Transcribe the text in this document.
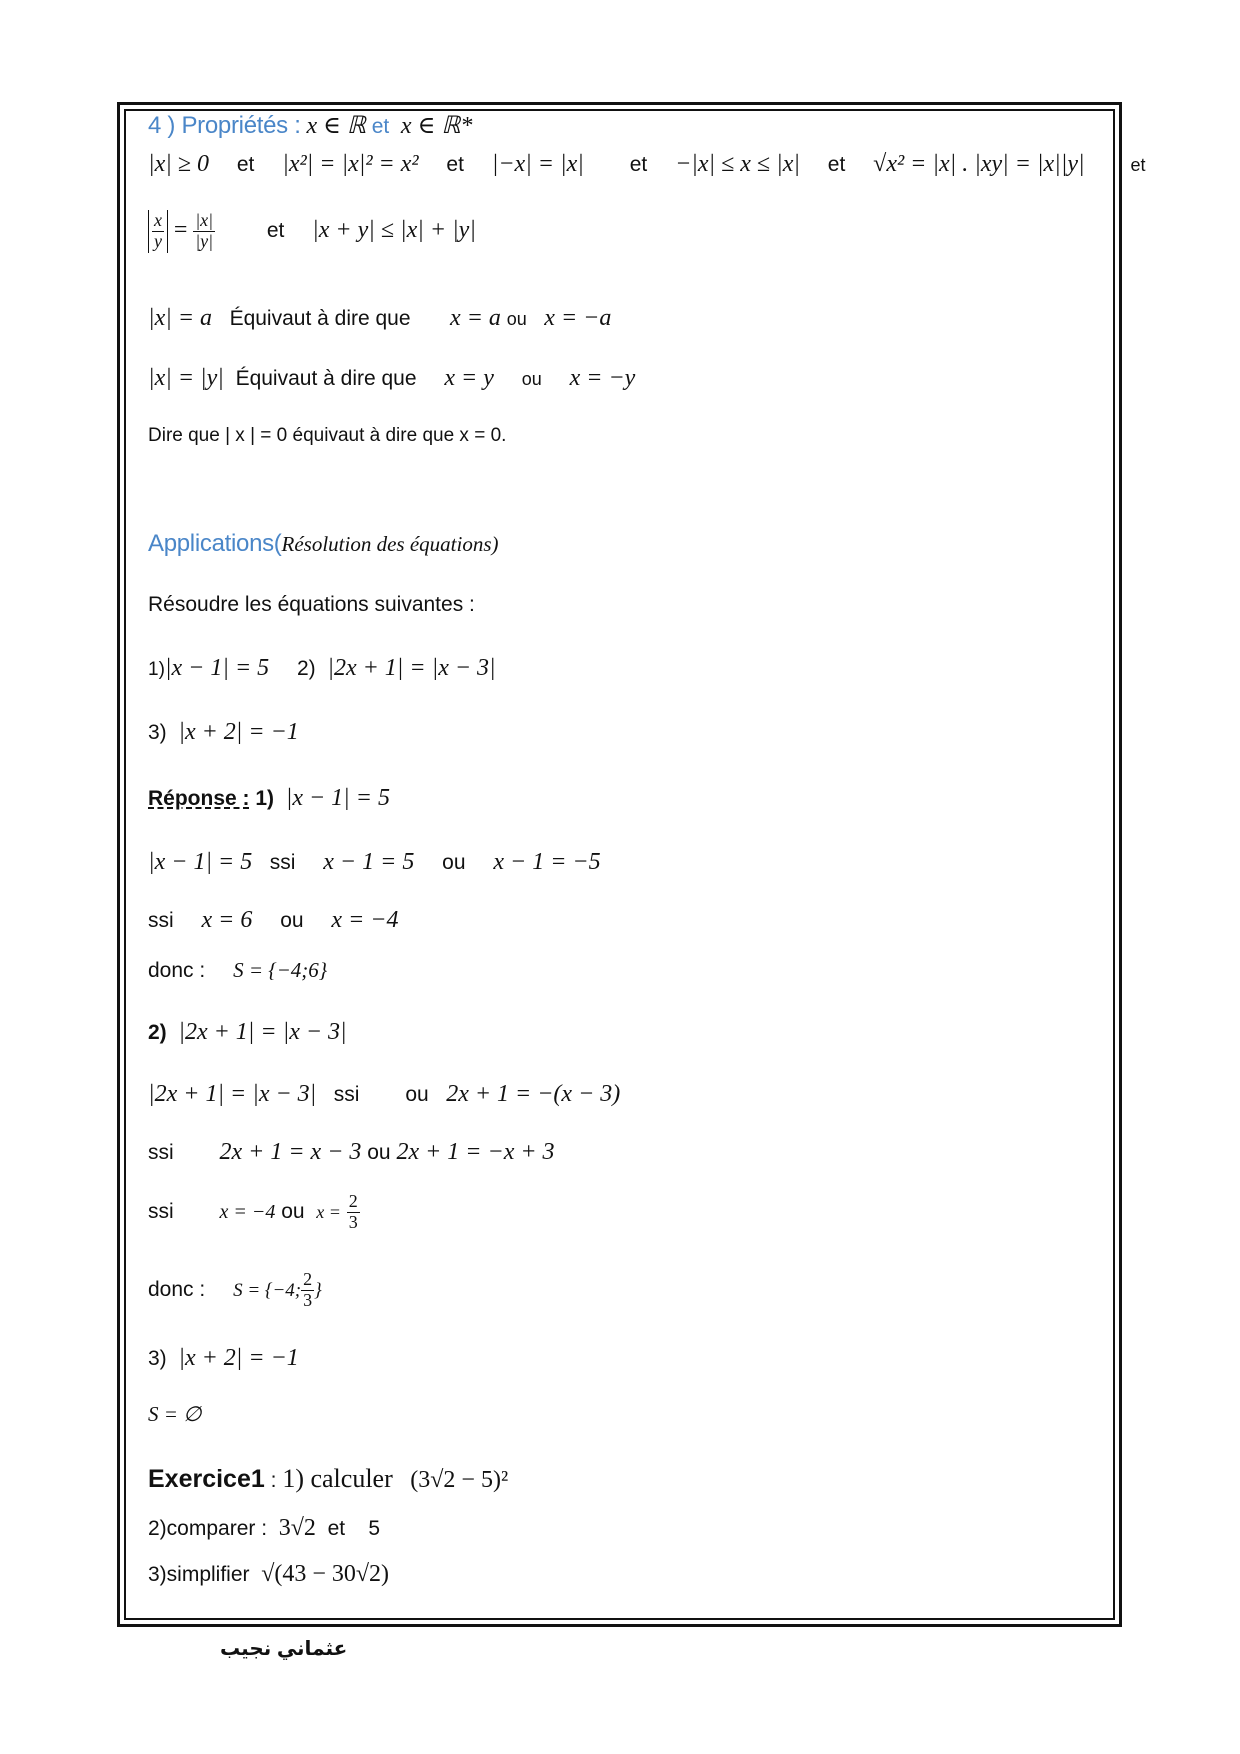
4 ) Propriétés : x ∈ ℝ et x ∈ ℝ*
|x| ≥ 0 et |x²| = |x|² = x² et |−x| = |x| et −|x| ≤ x ≤ |x| et √x² = |x| . |xy| = |x||y|	et
$\frac{x}{y} = \frac{|x|}{|y|}$ et |x + y| ≤ |x| + |y|
|x| = a Équivaut à dire que x = a ou x = −a
|x| = |y| Équivaut à dire que x = y ou x = −y
Dire que | x | = 0 équivaut à dire que x = 0.
Applications(Résolution des équations)
Résoudre les équations suivantes :
1)|x − 1| = 5 2) |2x + 1| = |x − 3|
3) |x + 2| = −1
Réponse : 1) |x − 1| = 5
|x − 1| = 5 ssi x − 1 = 5 ou x − 1 = −5
ssi x = 6 ou x = −4
donc : S = {−4;6}
2) |2x + 1| = |x − 3|
|2x + 1| = |x − 3| ssi ou 2x + 1 = −(x − 3)
ssi 2x + 1 = x − 3 ou 2x + 1 = −x + 3
ssi x = −4 ou $x = \frac{2}{3}$
donc : S = {−4; $\frac{2}{3}$ }
3) |x + 2| = −1
S = ∅
Exercice1 : 1) calculer (3√2 − 5)²
2)comparer : 3√2 et 5
3)simplifier √(43 − 30√2)
عثماني نجيب
